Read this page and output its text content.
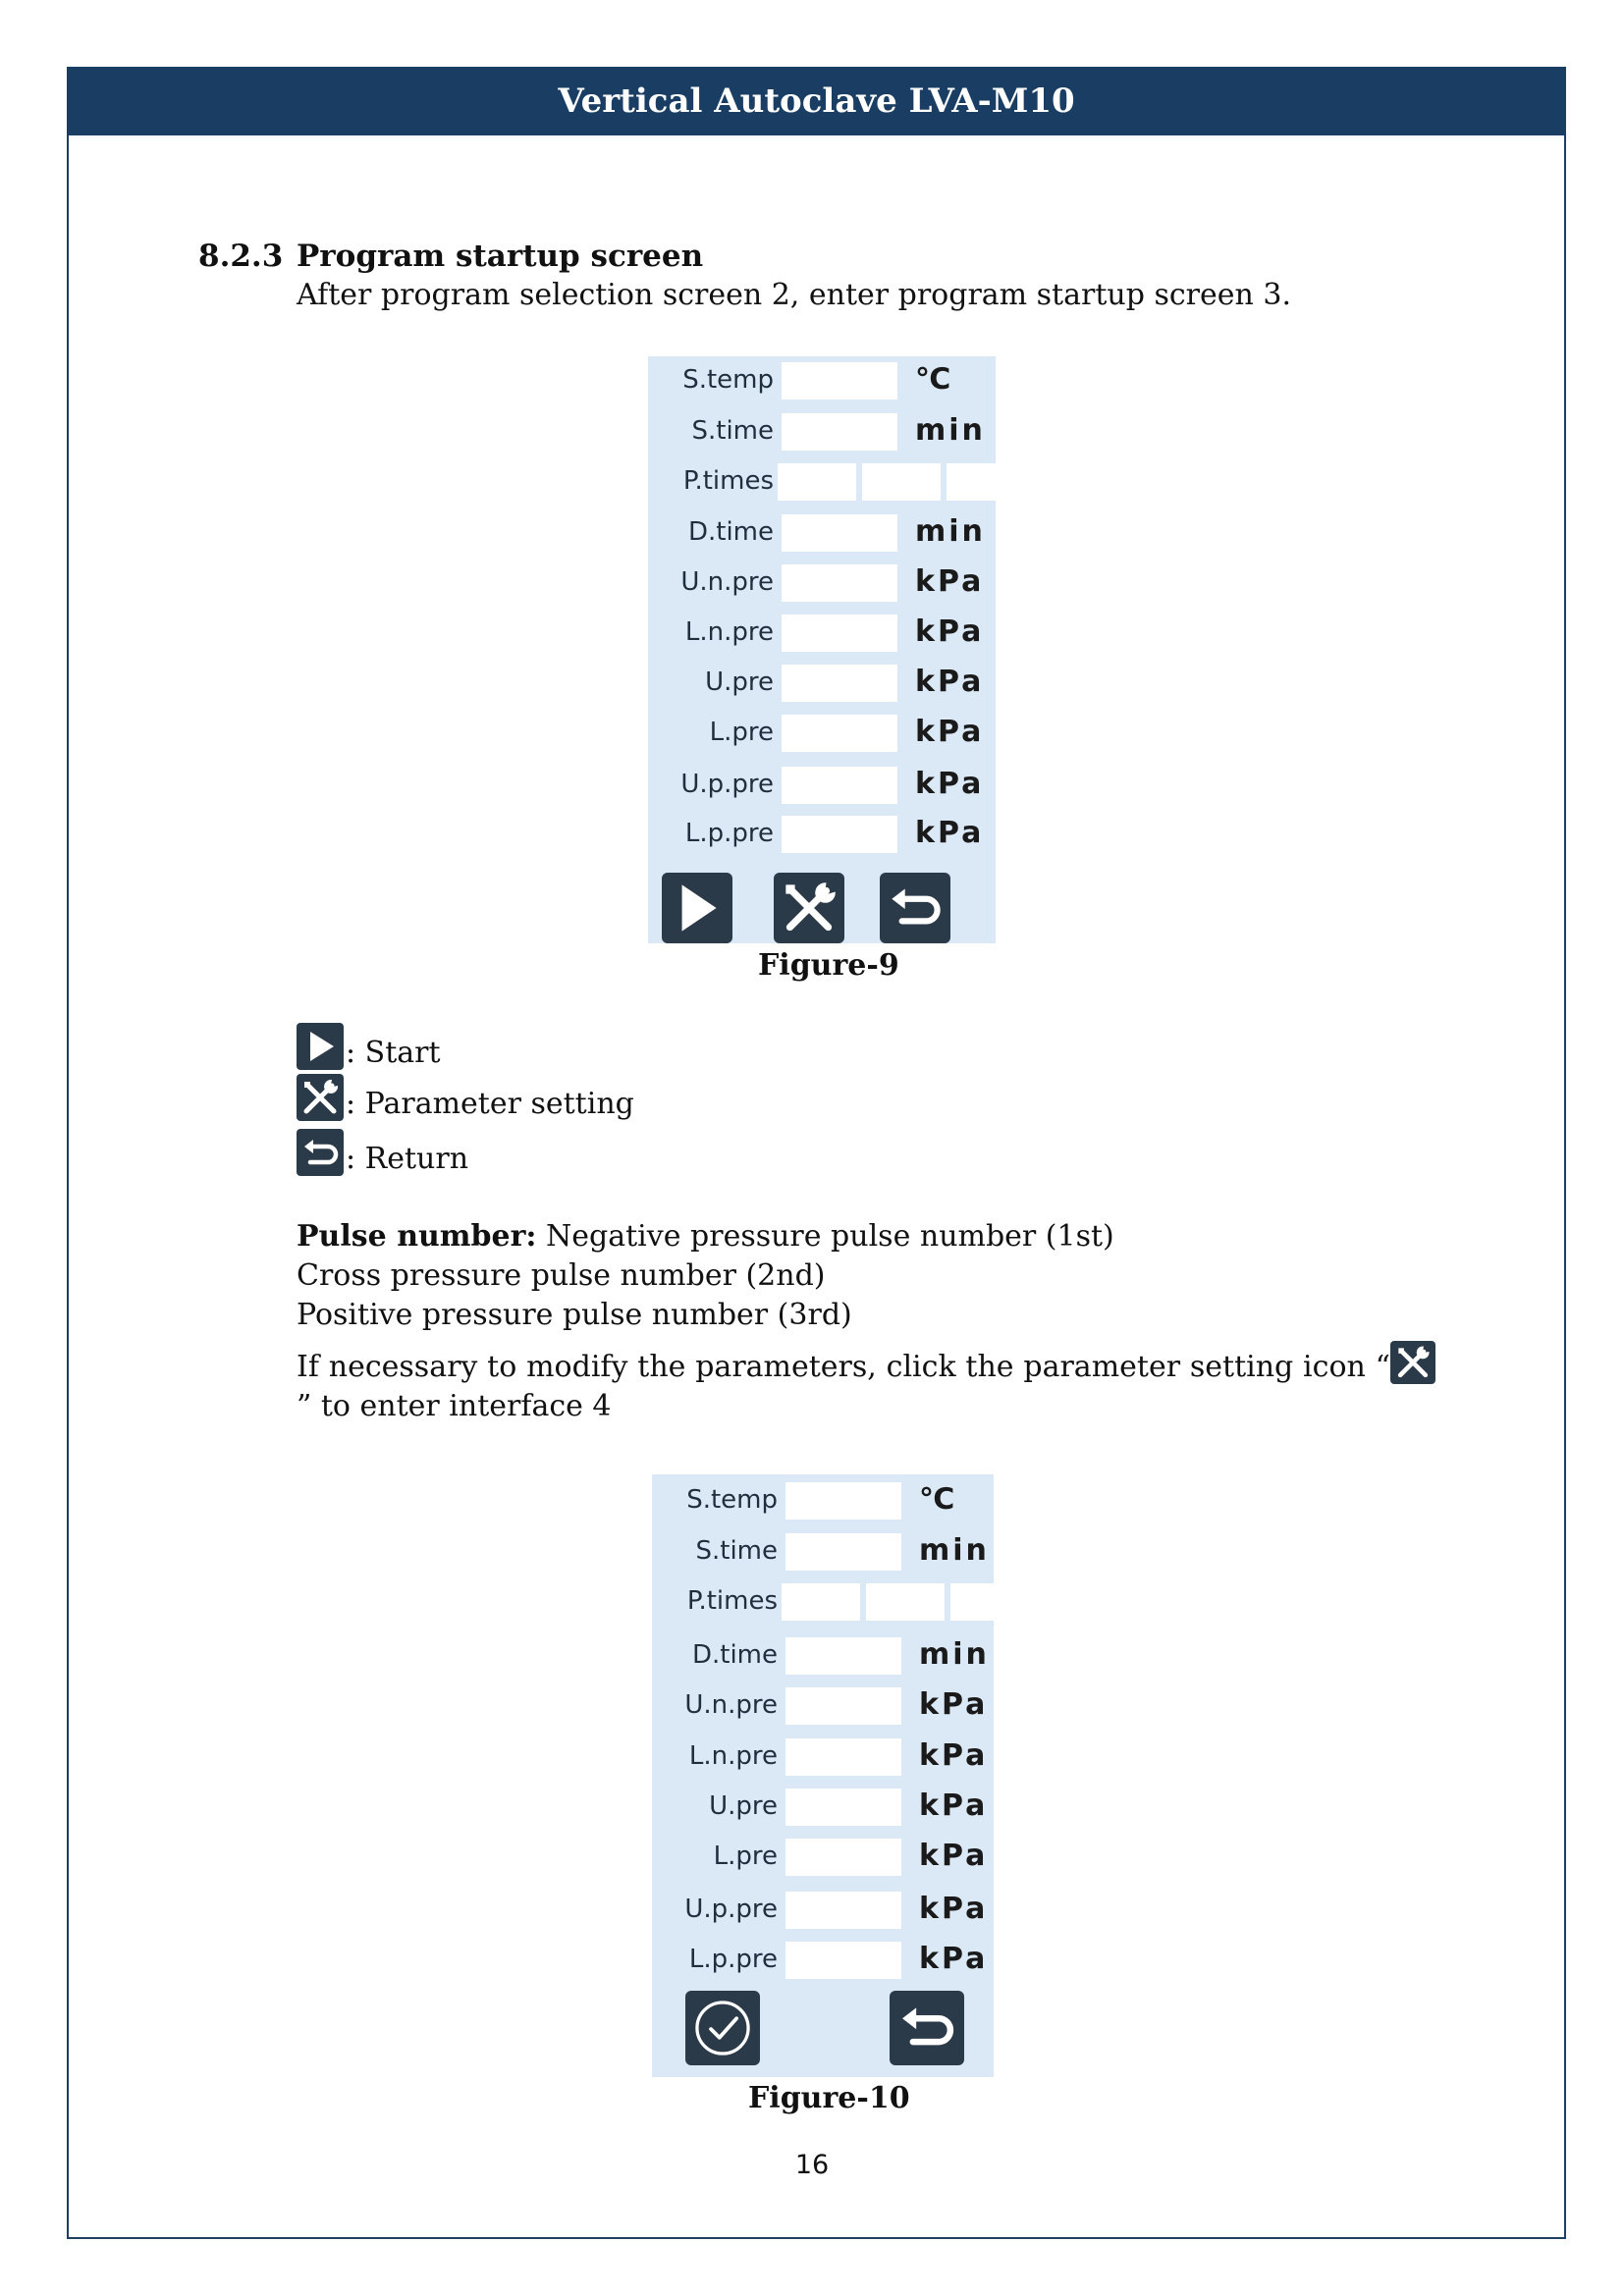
Vertical Autoclave LVA-M10
8.2.3 Program startup screen
After program selection screen 2, enter program startup screen 3.
S.temp	℃
S.time	min
P.times
D.time	min
U.n.pre	kPa
L.n.pre	kPa
U.pre	kPa
L.pre	kPa
U.p.pre	kPa
L.p.pre	kPa
Figure-9
: Start
: Parameter setting
: Return
Pulse number: Negative pressure pulse number (1st)
Cross pressure pulse number (2nd)
Positive pressure pulse number (3rd)
If necessary to modify the parameters, click the parameter setting icon “
” to enter interface 4
S.temp	℃
S.time	min
P.times
D.time	min
U.n.pre	kPa
L.n.pre	kPa
U.pre	kPa
L.pre	kPa
U.p.pre	kPa
L.p.pre	kPa
Figure-10
16
